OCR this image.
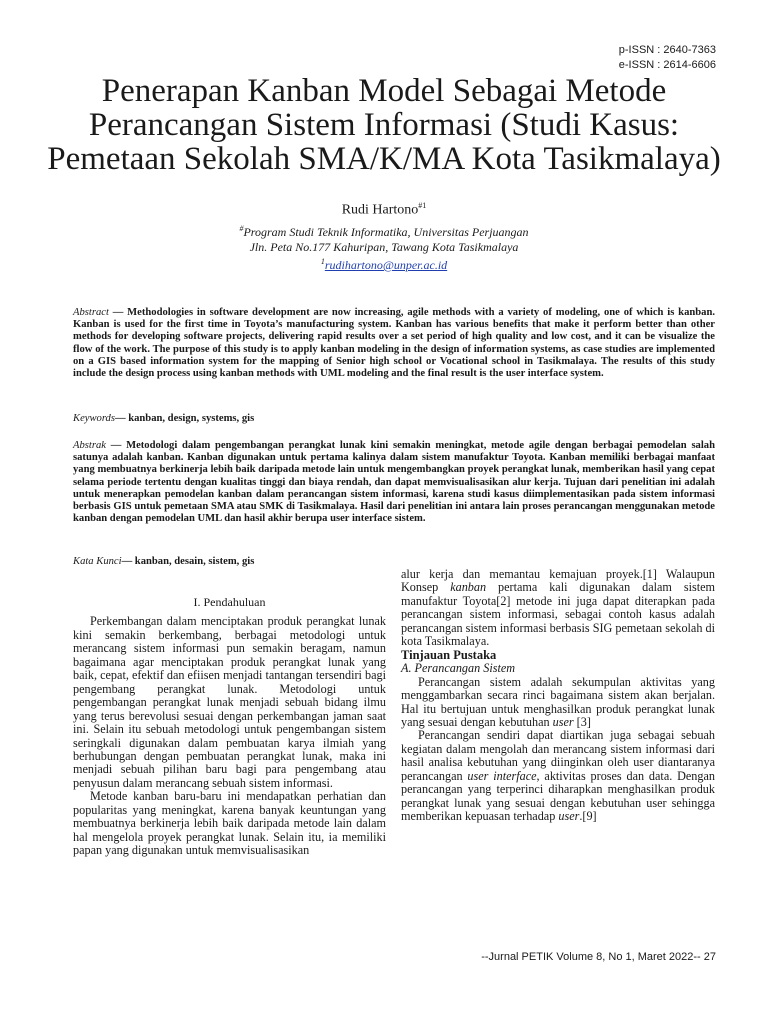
p-ISSN : 2640-7363
e-ISSN : 2614-6606
Penerapan Kanban Model Sebagai Metode
Perancangan Sistem Informasi (Studi Kasus:
Pemetaan Sekolah SMA/K/MA Kota Tasikmalaya)
Rudi Hartono$^{\#1}$
#Program Studi Teknik Informatika, Universitas Perjuangan
Jln. Peta No.177 Kahuripan, Tawang Kota Tasikmalaya
$^1$rudihartono@unper.ac.id
Abstract — Methodologies in software development are now increasing, agile methods with a variety of modeling, one of which is kanban. Kanban is used for the first time in Toyota’s manufacturing system. Kanban has various benefits that make it perform better than other methods for developing software projects, delivering rapid results over a set period of high quality and low cost, and it can be visualize the flow of the work. The purpose of this study is to apply kanban modeling in the design of information systems, as case studies are implemented on a GIS based information system for the mapping of Senior high school or Vocational school in Tasikmalaya. The results of this study include the design process using kanban methods with UML modeling and the final result is the user interface system.
Keywords— kanban, design, systems, gis
Abstrak — Metodologi dalam pengembangan perangkat lunak kini semakin meningkat, metode agile dengan berbagai pemodelan salah satunya adalah kanban. Kanban digunakan untuk pertama kalinya dalam sistem manufaktur Toyota. Kanban memiliki berbagai manfaat yang membuatnya berkinerja lebih baik daripada metode lain untuk mengembangkan proyek perangkat lunak, memberikan hasil yang cepat selama periode tertentu dengan kualitas tinggi dan biaya rendah, dan dapat memvisualisasikan alur kerja. Tujuan dari penelitian ini adalah untuk menerapkan pemodelan kanban dalam perancangan sistem informasi, karena studi kasus diimplementasikan pada sistem informasi berbasis GIS untuk pemetaan SMA atau SMK di Tasikmalaya. Hasil dari penelitian ini antara lain proses perancangan menggunakan metode kanban dengan pemodelan UML dan hasil akhir berupa user interface sistem.
Kata Kunci— kanban, desain, sistem, gis
I. Pendahuluan

Perkembangan dalam menciptakan produk perangkat lunak kini semakin berkembang, berbagai metodologi untuk merancang sistem informasi pun semakin beragam, namun bagaimana agar menciptakan produk perangkat lunak yang baik, cepat, efektif dan efiisen menjadi tantangan tersendiri bagi pengembang perangkat lunak. Metodologi untuk pengembangan perangkat lunak menjadi sebuah bidang ilmu yang terus berevolusi sesuai dengan perkembangan jaman saat ini. Selain itu sebuah metodologi untuk pengembangan sistem seringkali digunakan dalam pembuatan karya ilmiah yang berhubungan dengan pembuatan perangkat lunak, maka ini menjadi sebuah pilihan baru bagi para pengembang atau penyusun dalam merancang sebuah sistem informasi.

Metode kanban baru-baru ini mendapatkan perhatian dan popularitas yang meningkat, karena banyak keuntungan yang membuatnya berkinerja lebih baik daripada metode lain dalam hal mengelola proyek perangkat lunak. Selain itu, ia memiliki papan yang digunakan untuk memvisualisasikan

alur kerja dan memantau kemajuan proyek.[1] Walaupun Konsep kanban pertama kali digunakan dalam sistem manufaktur Toyota[2] metode ini juga dapat diterapkan pada perancangan sistem informasi, sebagai contoh kasus adalah perancangan sistem informasi berbasis SIG pemetaan sekolah di kota Tasikmalaya.

Tinjauan Pustaka
A. Perancangan Sistem

Perancangan sistem adalah sekumpulan aktivitas yang menggambarkan secara rinci bagaimana sistem akan berjalan. Hal itu bertujuan untuk menghasilkan produk perangkat lunak yang sesuai dengan kebutuhan user [3]

Perancangan sendiri dapat diartikan juga sebagai sebuah kegiatan dalam mengolah dan merancang sistem informasi dari hasil analisa kebutuhan yang diinginkan oleh user diantaranya perancangan user interface, aktivitas proses dan data. Dengan perancangan yang terperinci diharapkan menghasilkan produk perangkat lunak yang sesuai dengan kebutuhan user sehingga memberikan kepuasan terhadap user.[9]

--Jurnal PETIK Volume 8, No 1, Maret 2022-- 27
